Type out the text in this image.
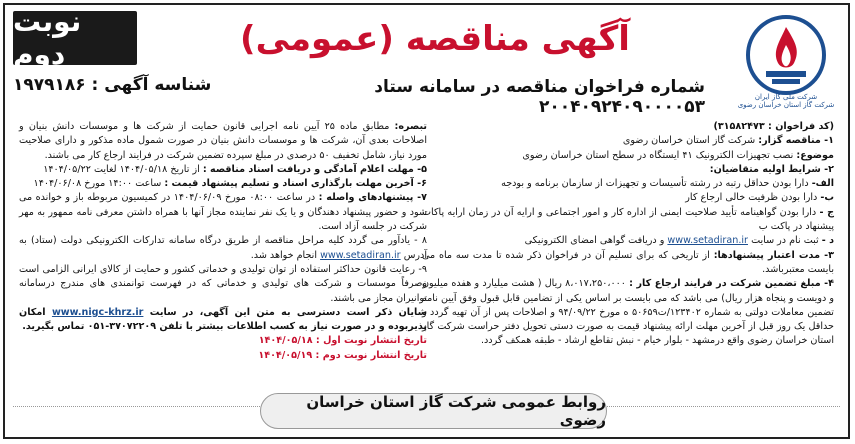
نوبت دوم
شناسه آگهی : ۱۹۷۹۱۸۶
آگهی مناقصه (عمومی)
شماره فراخوان مناقصه در سامانه ستاد ۲۰۰۴۰۹۲۴۰۹۰۰۰۰۵۳	شرکت ملی گاز ایران
شرکت گاز استان خراسان رضوی

(کد فراخوان : ۳۱۵۸۲۴۷۳)

۱- مناقصه گزار: شرکت گاز استان خراسان رضوی

موضوع: نصب تجهیزات الکترونیک ۴۱ ایستگاه در سطح استان خراسان رضوی

۲- شرایط اولیه متقاضیان:

الف- دارا بودن حداقل رتبه در رشته تأسیسات و تجهیزات از سازمان برنامه و بودجه

ب- دارا بودن ظرفیت خالی ارجاع کار

ج - دارا بودن گواهینامه تأیید صلاحیت ایمنی از اداره کار و امور اجتماعی و ارایه آن در زمان ارایه پاکات پیشنهاد در پاکت ب

د - ثبت نام در سایت www.setadiran.ir و دریافت گواهی امضای الکترونیکی

۳- مدت اعتبار پیشنهادها: از تاریخی که برای تسلیم آن در فراخوان ذکر شده تا مدت سه ماه می بایست معتبرباشد.

۴- مبلغ تضمین شرکت در فرایند ارجاع کار : ۸،۰۱۷،۲۵۰،۰۰۰ ریال ( هشت میلیارد و هفده میلیون و دویست و پنجاه هزار ریال) می باشد که می بایست بر اساس یکی از تضامین قابل قبول وفق آیین نامه تضمین معاملات دولتی به شماره ۱۲۳۴۰۲/ت۵۰۶۵۹ ه مورخ ۹۴/۰۹/۲۲ و اصلاحات پس از آن تهیه گردد و حداقل یک روز قبل از آخرین مهلت ارائه پیشنهاد قیمت به صورت دستی تحویل دفتر حراست شرکت گاز استان خراسان رضوی واقع درمشهد - بلوار خیام - نبش تقاطع ارشاد - طبقه همکف گردد.

تبصره: مطابق ماده ۲۵ آیین نامه اجرایی قانون حمایت از شرکت ها و موسسات دانش بنیان و اصلاحات بعدی آن، شرکت ها و موسسات دانش بنیان در صورت شمول ماده مذکور و دارای صلاحیت مورد نیاز، شامل تخفیف ۵۰ درصدی در مبلغ سپرده تضمین شرکت در فرایند ارجاع کار می باشند.

۵- مهلت اعلام آمادگی و دریافت اسناد مناقصه : از تاریخ ۱۴۰۴/۰۵/۱۸ لغایت ۱۴۰۴/۰۵/۲۲

۶- آخرین مهلت بارگذاری اسناد و تسلیم پیشنهاد قیمت : ساعت ۱۴:۰۰ مورخ ۱۴۰۴/۰۶/۰۸

۷- پیشنهادهای واصله : در ساعت ۰۸:۰۰ مورخ ۱۴۰۴/۰۶/۰۹ در کمیسیون مربوطه باز و خوانده می شود و حضور پیشنهاد دهندگان و یا یک نفر نماینده مجاز آنها با همراه داشتن معرفی نامه ممهور به مهر شرکت در جلسه آزاد است.

۸ - یادآور می گردد کلیه مراحل مناقصه از طریق درگاه سامانه تدارکات الکترونیکی دولت (ستاد) به آدرس www.setadiran.ir انجام خواهد شد.

۹- رعایت قانون حداکثر استفاده از توان تولیدی و خدماتی کشور و حمایت از کالای ایرانی الزامی است وصرفاً موسسات و شرکت های تولیدی و خدماتی که در فهرست توانمندی های مندرج درسامانه توانیران مجاز می باشند.

شایان ذکر است دسترسی به متن این آگهی، در سایت www.nigc-khrz.ir امکان پذیربوده و در صورت نیاز به کسب اطلاعات بیشتر با تلفن ۳۷۰۷۲۲۰۹-۰۵۱ تماس بگیرید.

تاریخ انتشار نوبت اول : ۱۴۰۴/۰۵/۱۸

تاریخ انتشار نوبت دوم : ۱۴۰۴/۰۵/۱۹

روابط عمومی شرکت گاز استان خراسان رضوی
